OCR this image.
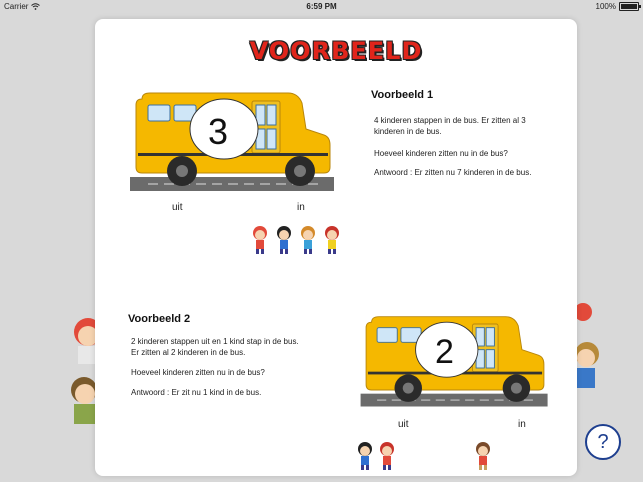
Carrier	6:59 PM	100%
?
VOORBEELD
3
uit	in
Voorbeeld 1
4 kinderen stappen in de bus. Er zitten al 3
kinderen in de bus.
Hoeveel kinderen zitten nu in de bus?
Antwoord : Er zitten nu 7 kinderen in de bus.
Voorbeeld 2
2 kinderen stappen uit en 1 kind stap in de bus.
Er zitten al 2 kinderen in de bus.
Hoeveel kinderen zitten nu in de bus?
Antwoord : Er zit nu 1 kind in de bus.
2
uit	in
